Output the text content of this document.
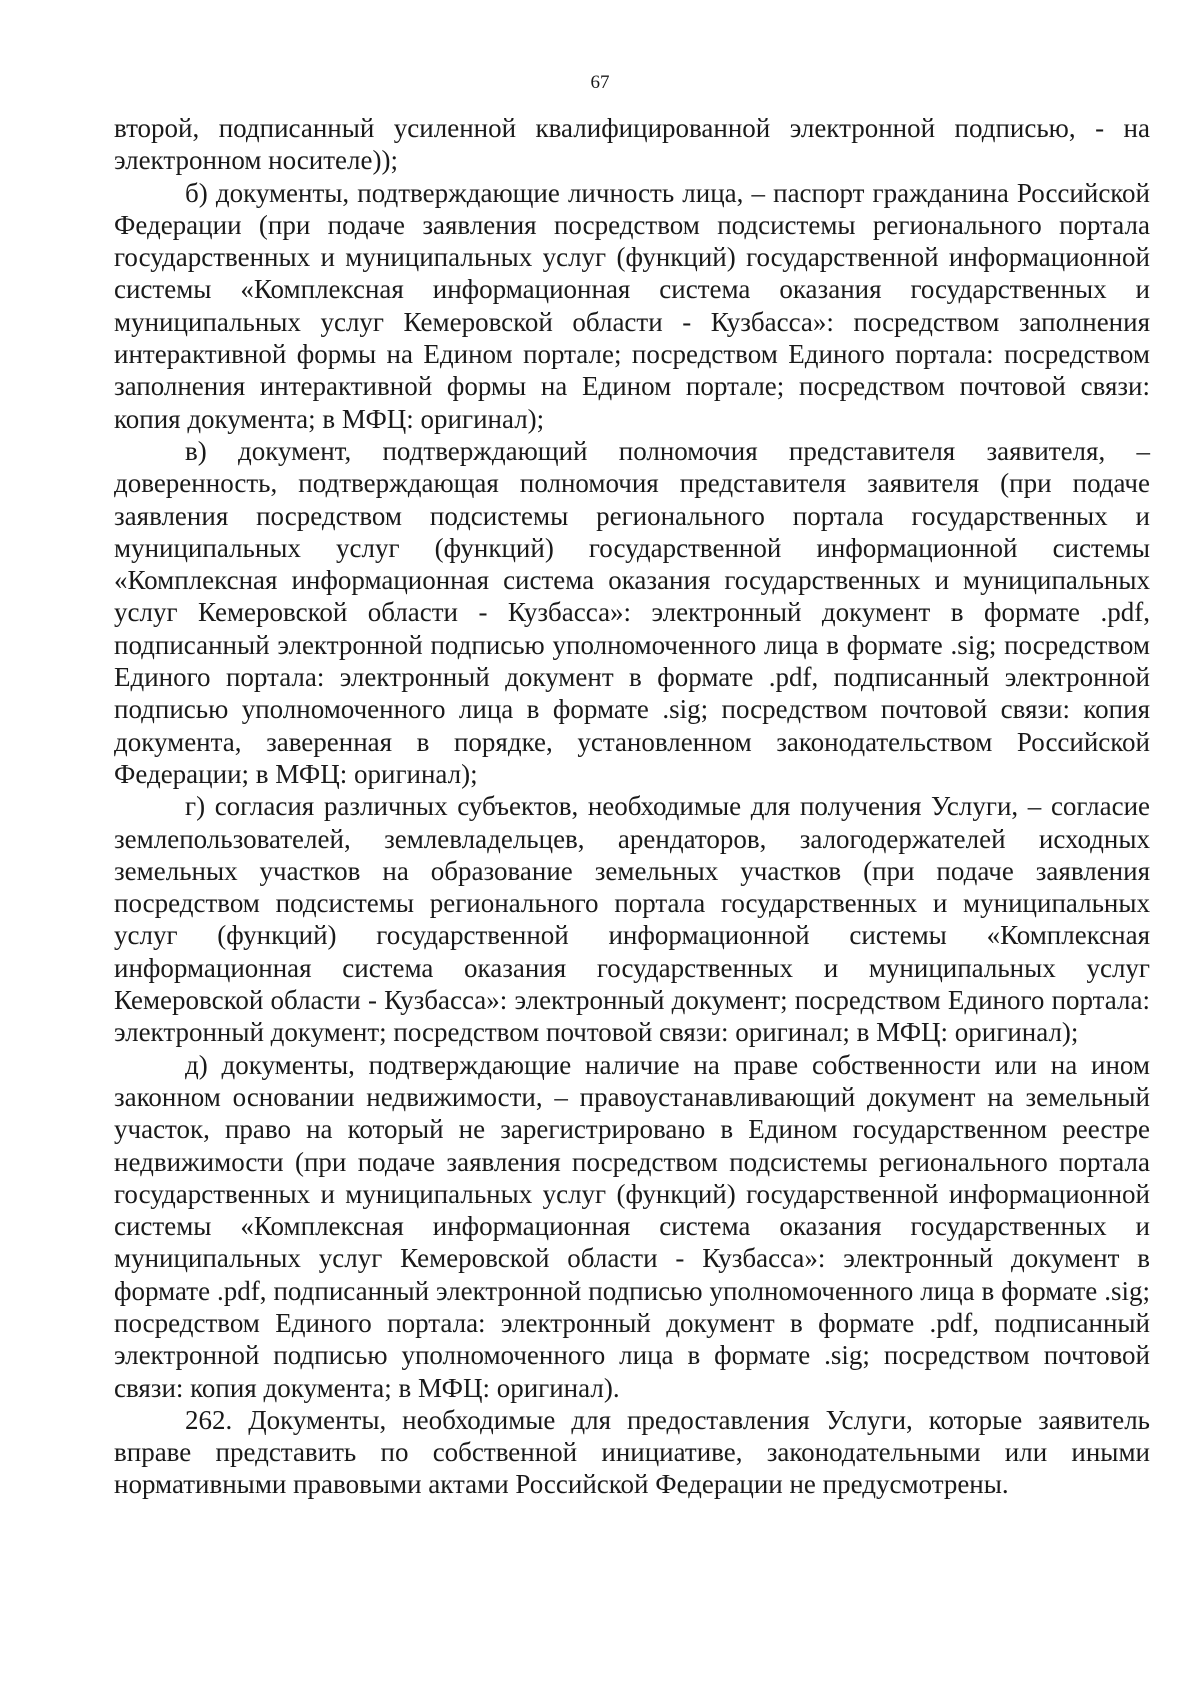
67

второй, подписанный усиленной квалифицированной электронной подписью, - на электронном носителе));

б) документы, подтверждающие личность лица, – паспорт гражданина Российской Федерации (при подаче заявления посредством подсистемы регионального портала государственных и муниципальных услуг (функций) государственной информационной системы «Комплексная информационная система оказания государственных и муниципальных услуг Кемеровской области - Кузбасса»: посредством заполнения интерактивной формы на Едином портале; посредством Единого портала: посредством заполнения интерактивной формы на Едином портале; посредством почтовой связи: копия документа; в МФЦ: оригинал);

в) документ, подтверждающий полномочия представителя заявителя, – доверенность, подтверждающая полномочия представителя заявителя (при подаче заявления посредством подсистемы регионального портала государственных и муниципальных услуг (функций) государственной информационной системы «Комплексная информационная система оказания государственных и муниципальных услуг Кемеровской области - Кузбасса»: электронный документ в формате .pdf, подписанный электронной подписью уполномоченного лица в формате .sig; посредством Единого портала: электронный документ в формате .pdf, подписанный электронной подписью уполномоченного лица в формате .sig; посредством почтовой связи: копия документа, заверенная в порядке, установленном законодательством Российской Федерации; в МФЦ: оригинал);

г) согласия различных субъектов, необходимые для получения Услуги, – согласие землепользователей, землевладельцев, арендаторов, залогодержателей исходных земельных участков на образование земельных участков (при подаче заявления посредством подсистемы регионального портала государственных и муниципальных услуг (функций) государственной информационной системы «Комплексная информационная система оказания государственных и муниципальных услуг Кемеровской области - Кузбасса»: электронный документ; посредством Единого портала: электронный документ; посредством почтовой связи: оригинал; в МФЦ: оригинал);

д) документы, подтверждающие наличие на праве собственности или на ином законном основании недвижимости, – правоустанавливающий документ на земельный участок, право на который не зарегистрировано в Едином государственном реестре недвижимости (при подаче заявления посредством подсистемы регионального портала государственных и муниципальных услуг (функций) государственной информационной системы «Комплексная информационная система оказания государственных и муниципальных услуг Кемеровской области - Кузбасса»: электронный документ в формате .pdf, подписанный электронной подписью уполномоченного лица в формате .sig; посредством Единого портала: электронный документ в формате .pdf, подписанный электронной подписью уполномоченного лица в формате .sig; посредством почтовой связи: копия документа; в МФЦ: оригинал).

262. Документы, необходимые для предоставления Услуги, которые заявитель вправе представить по собственной инициативе, законодательными или иными нормативными правовыми актами Российской Федерации не предусмотрены.
